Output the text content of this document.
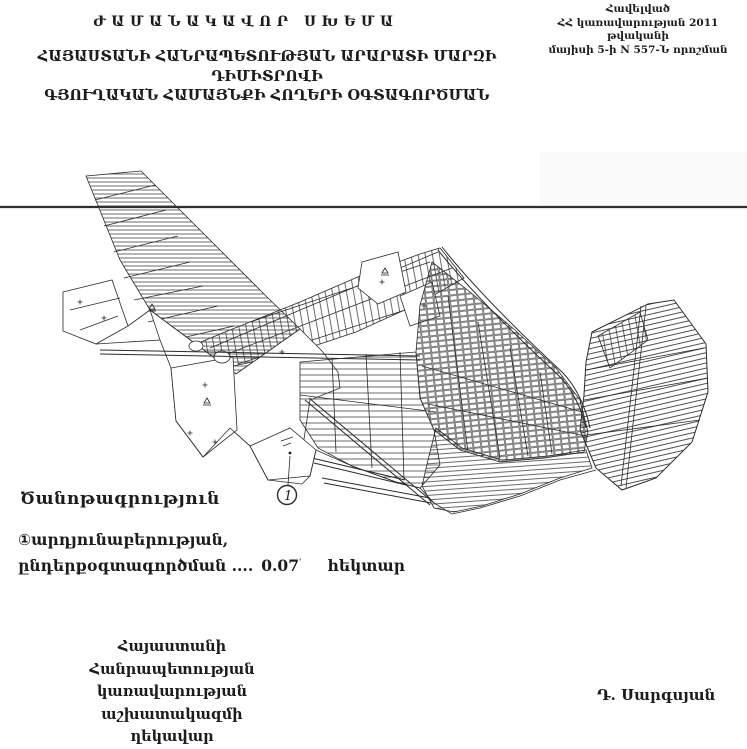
Հավելված
ՀՀ կառավարության 2011 թվականի
մայիսի 5-ի N 557-Ն որոշման
ԺԱՄԱՆԱԿԱՎՈՐ ՍԽԵՄԱ
ՀԱՅԱՍՏԱՆԻ ՀԱՆՐԱՊԵՏՈՒԹՅԱՆ ԱՐԱՐԱՏԻ ՄԱՐԶԻ ԴԻՄԻՏՐՈՎԻ
ԳՅՈՒՂԱԿԱՆ ՀԱՄԱՅՆՔԻ ՀՈՂԵՐԻ ՕԳՏԱԳՈՐԾՄԱՆ
1
Ծանոթագրություն
①արդյունաբերության,
ընդերքօգտագործման .... $0.07^ʹ$ հեկտար
Հայաստանի Հանրապետության
կառավարության աշխատակազմի
ղեկավար
Դ. Սարգսյան
